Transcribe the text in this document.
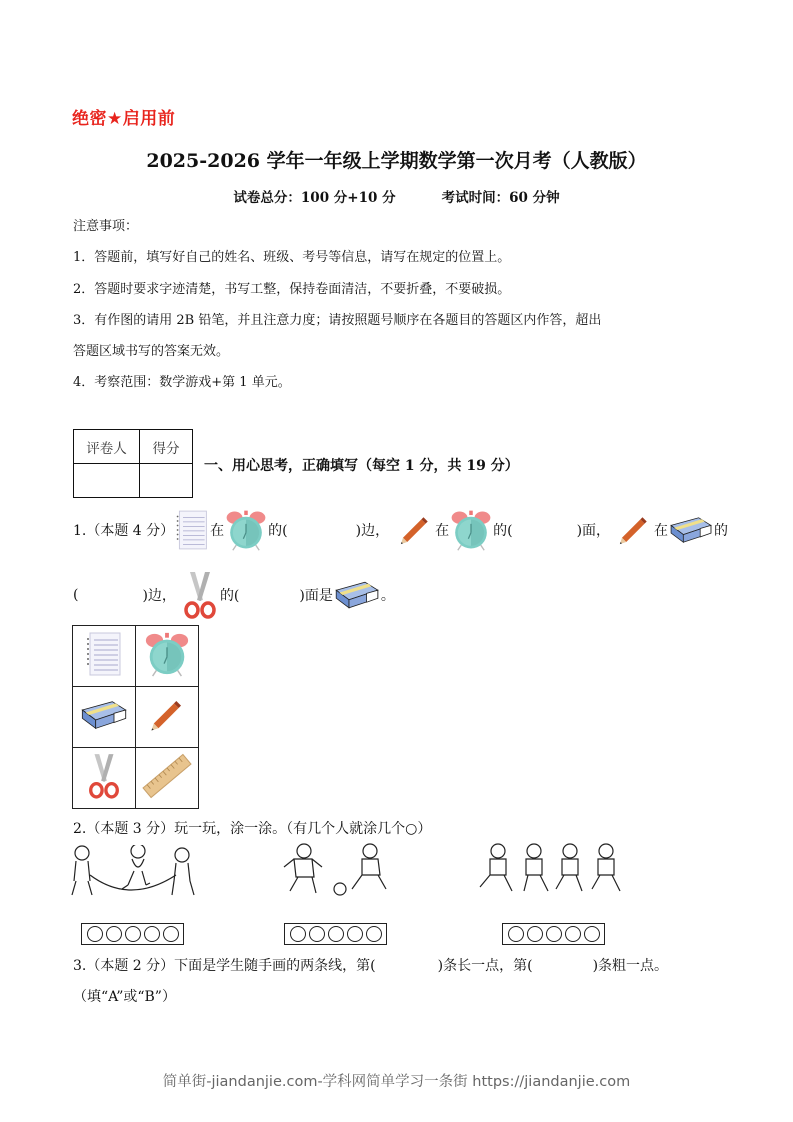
绝密★启用前
2025-2026 学年一年级上学期数学第一次月考（人教版）
试卷总分：100 分+10 分	考试时间：60 分钟
注意事项：
1．答题前，填写好自己的姓名、班级、考号等信息，请写在规定的位置上。
2．答题时要求字迹清楚，书写工整，保持卷面清洁，不要折叠，不要破损。
3．有作图的请用 2B 铅笔，并且注意力度；请按照题号顺序在各题目的答题区内作答，超出
答题区域书写的答案无效。
4．考察范围：数学游戏+第 1 单元。
评卷人	得分

一、用心思考，正确填写（每空 1 分，共 19 分）
1.（本题 4 分）	在	的(	)边，	在	的(	)面，	在	的
(	)边，	的(	)面是	。

2.（本题 3 分）玩一玩，涂一涂。（有几个人就涂几个○）
3.（本题 2 分）下面是学生随手画的两条线，第(	)条长一点，第(	)条粗一点。
（填“A”或“B”）
简单街-jiandanjie.com-学科网简单学习一条街 https://jiandanjie.com
